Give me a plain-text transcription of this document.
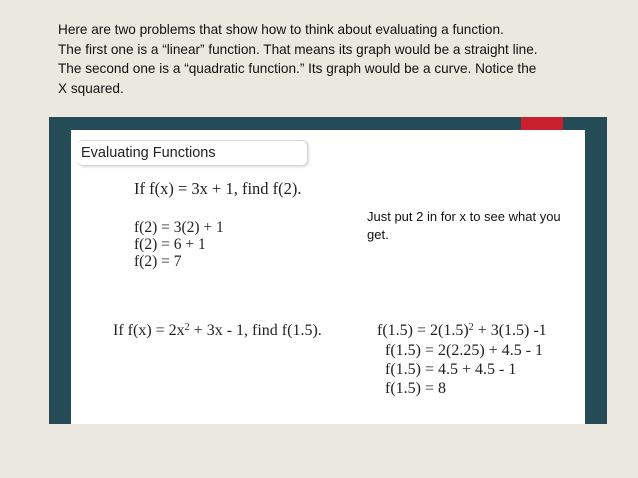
Here are two problems that show how to think about evaluating a function.
The first one is a “linear” function. That means its graph would be a straight line.
The second one is a “quadratic function.” Its graph would be a curve. Notice the
X squared.
Evaluating Functions
If f(x) = 3x + 1, find f(2).
f(2) = 3(2) + 1
f(2) = 6 + 1
f(2) = 7
Just put 2 in for x to see what you get.
If $f(x) = 2x^2 + 3x - 1$, find f(1.5).	$f(1.5) = 2(1.5)^2 + 3(1.5)$ -1
f(1.5) = 2(2.25) + 4.5 - 1
f(1.5) = 4.5 + 4.5 - 1
f(1.5) = 8
